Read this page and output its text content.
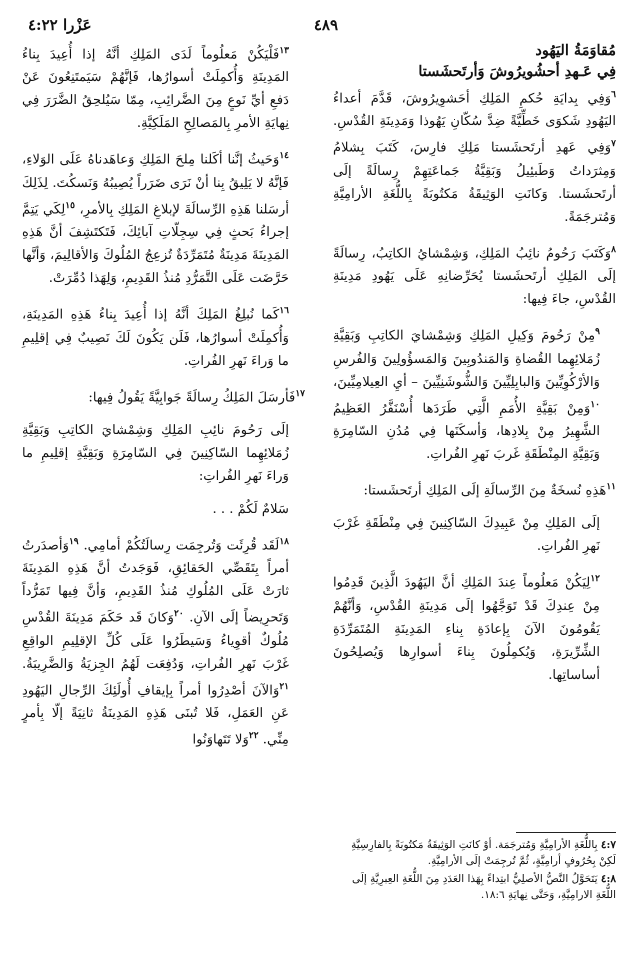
٤٨٩
عَزْرا ٤:٢٢
مُقاوَمَةُ اليَهُود
فِي عَـهدِ أحشُويرُوشَ وَأرتَحشَستا

$^٦$وَفِي بِدايَةِ حُكمِ المَلِكِ أحَشوِيرُوشَ، قَدَّمَ أعداءُ اليَهُودِ شَكوَى خَطِّيَّةً ضِدَّ سُكّانِ يَهُوذا وَمَدِينَةِ القُدْسِ. $^٧$وَفِي عَهدِ أرتَحشَستا مَلِكِ فارِسَ، كَتَبَ بِشلامُ وَمِثرَداتُ وَطَبئِيلُ وَبَقِيَّةُ جَماعَتِهِمْ رِسالَةً إلَى أرتَحشَستا. وَكانَتِ الوَثِيقَةُ مَكتُوبَةً بِاللُّغَةِ الأرامِيَّةِ وَمُترجَمَةً.

$^٨$وَكَتَبَ رَحُومُ نائِبُ المَلِكِ، وَشِمْشايُ الكاتِبُ، رِسالَةً إلَى المَلِكِ أرتَحشَستا يُحَرِّضانِهِ عَلَى يَهُودِ مَدِينَةِ القُدْسِ، جاءَ فِيها:

$^٩$مِنْ رَحُومَ وَكِيلِ المَلِكِ وَشِمْشايَ الكاتِبِ وَبَقِيَّةِ زُمَلائِهِما القُضاةِ وَالمَندُوبِينَ وَالمَسؤُولِينَ وَالفُرسِ وَالأرْكُوِيِّينَ وَالبابِلِيِّينَ وَالشُّوشَنِيِّينَ – أيِ العِيلامِيِّينَ، $^{١٠}$وَمِنْ بَقِيَّةِ الأُمَمِ الَّتِي طَرَدَها أُسْنَفَّرُ العَظِيمُ الشَّهِيرُ مِنْ بِلادِها، وَأسكَنَها فِي مُدُنِ السّامِرَةِ وَبَقِيَّةِ المِنْطَقَةِ غَربَ نَهرِ الفُراتِ.

$^{١١}$هَذِهِ نُسخَةٌ مِنَ الرِّسالَةِ إلَى المَلِكِ أرتَحشَستا:

إلَى المَلِكِ مِنْ عَبِيدِكَ السّاكِنِينَ فِي مِنْطَقَةِ غَرْبَ نَهرِ الفُراتِ.

$^{١٢}$لِيَكُنْ مَعلُوماً عِندَ المَلِكِ أنَّ اليَهُودَ الَّذِينَ قَدِمُوا مِنْ عِندِكَ قَدْ تَوَجَّهُوا إلَى مَدِينَةِ القُدْسِ، وَأنَّهُمْ يَقُومُونَ الآنَ بِإعادَةِ بِناءِ المَدِينَةِ المُتَمَرِّدَةِ الشِّرِّيرَةِ، وَيُكمِلُونَ بِناءَ أسوارِها وَيُصلِحُونَ أساساتِها.

$^{١٣}$فَلْيَكُنْ مَعلُوماً لَدَى المَلِكِ أنَّهُ إذا أُعِيدَ بِناءُ المَدِينَةِ وَأُكمِلَتْ أسوارُها، فَإنَّهُمْ سَيَمتَنِعُونَ عَنْ دَفعِ أيِّ نَوعٍ مِنَ الضَّرائِبِ، مِمّا سَيُلحِقُ الضَّرَرَ فِي نِهايَةِ الأمرِ بِالمَصالِحِ المَلَكِيَّةِ.

$^{١٤}$وَحَيثُ إنَّنا أكَلنا مِلحَ المَلِكِ وَعاهَدناهُ عَلَى الوَلاءِ، فَإنَّهُ لا يَلِيقُ بِنا أنْ نَرَى ضَرَراً يُصِيبُهُ وَنَسكُتَ. لِذَلِكَ أرسَلنا هَذِهِ الرِّسالَةَ لإبلاغِ المَلِكِ بِالأمرِ، $^{١٥}$لِكَي يَتِمَّ إجراءُ بَحثٍ فِي سِجِلّاتِ آبائِكَ، فَتَكتَشِفَ أنَّ هَذِهِ المَدِينَةَ مَدِينَةٌ مُتَمَرِّدَةٌ تُزعِجُ المُلُوكَ وَالأقالِيمَ، وَأنَّها حَرَّضَت عَلَى التَّمَرُّدِ مُنذُ القَدِيمِ، وَلِهَذا دُمِّرَتْ.

$^{١٦}$كَما نُبلِغُ المَلِكَ أنَّهُ إذا أُعِيدَ بِناءُ هَذِهِ المَدِينَةِ، وَأُكمِلَتْ أسوارُها، فَلَن يَكُونَ لَكَ نَصِيبٌ فِي إقلِيمِ ما وَراءَ نَهرِ الفُراتِ.

$^{١٧}$فَأرسَلَ المَلِكُ رِسالَةً جَوابِيَّةً يَقُولُ فِيها:

إلَى رَحُومَ نائِبِ المَلِكِ وَشِمْشايَ الكاتِبِ وَبَقِيَّةِ زُمَلائِهِما السّاكِنِينَ فِي السّامِرَةِ وَبَقِيَّةِ إقلِيمِ ما وَراءَ نَهرِ الفُراتِ:

سَلامٌ لَكُمْ . . .

$^{١٨}$لَقَد قُرِئَت وَتُرجِمَت رِسالَتُكُمْ أمامِي. $^{١٩}$وَأصدَرتُ أمراً بِتَقَصِّي الحَقائِقِ، فَوَجَدتُ أنَّ هَذِهِ المَدِينَةَ ثارَتْ عَلَى المُلُوكِ مُنذُ القَدِيمِ، وَأنَّ فِيها تَمَرُّداً وَتَحرِيضاً إلَى الآنِ. $^{٢٠}$وَكانَ قَد حَكَمَ مَدِينَةَ القُدْسِ مُلُوكٌ أقوِياءُ وَسَيطَرُوا عَلَى كُلِّ الإقلِيمِ الواقِعِ غَرْبَ نَهرِ الفُراتِ، وَدُفِعَت لَهُمُ الجِزيَةُ وَالضَّرِيبَةُ. $^{٢١}$وَالآنَ أصْدِرُوا أمراً بِإيقافِ أُولَئِكَ الرِّجالِ اليَهُودِ عَنِ العَمَلِ، فَلا تُبنَى هَذِهِ المَدِينَةُ ثانِيَةً إلّا بِأمرٍ مِنِّي. $^{٢٢}$وَلا تَتَهاوَنُوا

٤:٧ بِاللُّغَةِ الأرامِيَّةِ وَمُترجَمَة. أوْ كانَتِ الوَثِيقَةُ مَكتُوبَةً بِالفارِسِيَّةِ لَكِنْ بِحُرُوفٍ أرامِيَّةٍ، ثُمَّ تُرجِمَتْ إلَى الأرامِيَّةِ.

٤:٨ يَتَحَوَّلُ النَّصُّ الأصلِيُّ ابتِداءً بِهَذا العَدَدِ مِنَ اللُّغَةِ العِبرِيَّةِ إلَى اللُّغَةِ الارامِيَّةِ، وَحَتَّى نِهايَةِ ١٨:٦.
